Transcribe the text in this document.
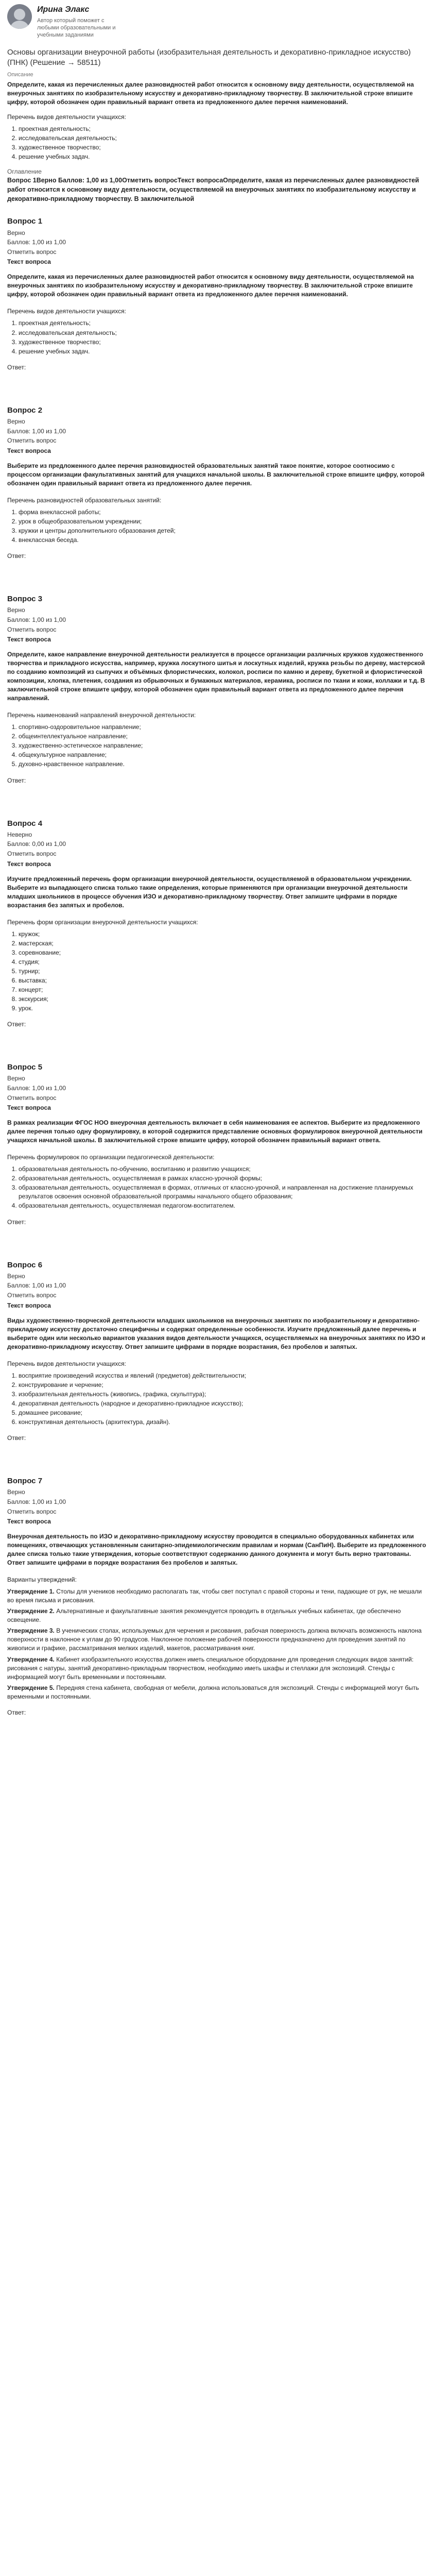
Ирина Элакс
Автор который поможет с любыми образовательными и учебными заданиями
Основы организации внеурочной работы (изобразительная деятельность и декоративно-прикладное искусство) (ПНК) (Решение → 58511)
Описание
Определите, какая из перечисленных далее разновидностей работ относится к основному виду деятельности, осуществляемой на внеурочных занятиях по изобразительному искусству и декоративно-прикладному творчеству. В заключительной строке впишите цифру, которой обозначен один правильный вариант ответа из предложенного далее перечня наименований.
Перечень видов деятельности учащихся:
1. проектная деятельность;
2. исследовательская деятельность;
3. художественное творчество;
4. решение учебных задач.
Оглавление
Вопрос 1Верно Баллов: 1,00 из 1,00Отметить вопросТекст вопросаОпределите, какая из перечисленных далее разновидностей работ относится к основному виду деятельности, осуществляемой на внеурочных занятиях по изобразительному искусству и декоративно-прикладному творчеству. В заключительной
Вопрос 1
Верно
Баллов: 1,00 из 1,00
Отметить вопрос
Текст вопроса
Определите, какая из перечисленных далее разновидностей работ относится к основному виду деятельности, осуществляемой на внеурочных занятиях по изобразительному искусству и декоративно-прикладному творчеству. В заключительной строке впишите цифру, которой обозначен один правильный вариант ответа из предложенного далее перечня наименований.
Перечень видов деятельности учащихся:
1. проектная деятельность;
2. исследовательская деятельность;
3. художественное творчество;
4. решение учебных задач.
Ответ:
Вопрос 2
Верно
Баллов: 1,00 из 1,00
Отметить вопрос
Текст вопроса
Выберите из предложенного далее перечня разновидностей образовательных занятий такое понятие, которое соотносимо с процессом организации факультативных занятий для учащихся начальной школы. В заключительной строке впишите цифру, которой обозначен один правильный вариант ответа из предложенного далее перечня.
Перечень разновидностей образовательных занятий:
1. форма внеклассной работы;
2. урок в общеобразовательном учреждении;
3. кружки и центры дополнительного образования детей;
4. внеклассная беседа.
Ответ:
Вопрос 3
Верно
Баллов: 1,00 из 1,00
Отметить вопрос
Текст вопроса
Определите, какое направление внеурочной деятельности реализуется в процессе организации различных кружков художественного творчества и прикладного искусства, например, кружка лоскутного шитья и лоскутных изделий, кружка резьбы по дереву, мастерской по созданию композиций из сыпучих и объёмных флористических, колокол, росписи по камню и дереву, букетной и флористической композиции, хлопка, плетения, создания из обрывочных и бумажных материалов, керамика, росписи по ткани и кожи, коллажи и т.д. В заключительной строке впишите цифру, которой обозначен один правильный вариант ответа из предложенного далее перечня направлений.
Перечень наименований направлений внеурочной деятельности:
1. спортивно-оздоровительное направление;
2. общеинтеллектуальное направление;
3. художественно-эстетическое направление;
4. общекультурное направление;
5. духовно-нравственное направление.
Ответ:
Вопрос 4
Неверно
Баллов: 0,00 из 1,00
Отметить вопрос
Текст вопроса
Изучите предложенный перечень форм организации внеурочной деятельности, осуществляемой в образовательном учреждении. Выберите из выпадающего списка только такие определения, которые применяются при организации внеурочной деятельности младших школьников в процессе обучения ИЗО и декоративно-прикладному творчеству. Ответ запишите цифрами в порядке возрастания без запятых и пробелов.
Перечень форм организации внеурочной деятельности учащихся:
1. кружок;
2. мастерская;
3. соревнование;
4. студия;
5. турнир;
6. выставка;
7. концерт;
8. экскурсия;
9. урок.
Ответ:
Вопрос 5
Верно
Баллов: 1,00 из 1,00
Отметить вопрос
Текст вопроса
В рамках реализации ФГОС НОО внеурочная деятельность включает в себя наименования ее аспектов. Выберите из предложенного далее перечня только одну формулировку, в которой содержится представление основных формулировок внеурочной деятельности учащихся начальной школы. В заключительной строке впишите цифру, которой обозначен правильный вариант ответа.
Перечень формулировок по организации педагогической деятельности:
1. образовательная деятельность по-обучению, воспитанию и развитию учащихся;
2. образовательная деятельность, осуществляемая в рамках классно-урочной формы;
3. образовательная деятельность, осуществляемая в формах, отличных от классно-урочной, и направленная на достижение планируемых результатов освоения основной образовательной программы начального общего образования;
4. образовательная деятельность, осуществляемая педагогом-воспитателем.
Ответ:
Вопрос 6
Верно
Баллов: 1,00 из 1,00
Отметить вопрос
Текст вопроса
Виды художественно-творческой деятельности младших школьников на внеурочных занятиях по изобразительному и декоративно-прикладному искусству достаточно специфичны и содержат определенные особенности. Изучите предложенный далее перечень и выберите один или несколько вариантов указания видов деятельности учащихся, осуществляемых на внеурочных занятиях по ИЗО и декоративно-прикладному искусству. Ответ запишите цифрами в порядке возрастания, без пробелов и запятых.
Перечень видов деятельности учащихся:
1. восприятие произведений искусства и явлений (предметов) действительности;
2. конструирование и черчение;
3. изобразительная деятельность (живопись, графика, скульптура);
4. декоративная деятельность (народное и декоративно-прикладное искусство);
5. домашнее рисование;
6. конструктивная деятельность (архитектура, дизайн).
Ответ:
Вопрос 7
Верно
Баллов: 1,00 из 1,00
Отметить вопрос
Текст вопроса
Внеурочная деятельность по ИЗО и декоративно-прикладному искусству проводится в специально оборудованных кабинетах или помещениях, отвечающих установленным санитарно-эпидемиологическим правилам и нормам (СанПиН). Выберите из предложенного далее списка только такие утверждения, которые соответствуют содержанию данного документа и могут быть верно трактованы. Ответ запишите цифрами в порядке возрастания без пробелов и запятых.
Варианты утверждений:
Утверждение 1. Столы для учеников необходимо располагать так, чтобы свет поступал с правой стороны и тени, падающие от рук, не мешали во время письма и рисования.
Утверждение 2. Альтернативные и факультативные занятия рекомендуется проводить в отдельных учебных кабинетах, где обеспечено освещение.
Утверждение 3. В ученических столах, используемых для черчения и рисования, рабочая поверхность должна включать возможность наклона поверхности в наклонное к углам до 90 градусов. Наклонное положение рабочей поверхности предназначено для проведения занятий по живописи и графике, рассматривания мелких изделий, макетов, рассматривания книг.
Утверждение 4. Кабинет изобразительного искусства должен иметь специальное оборудование для проведения следующих видов занятий: рисования с натуры, занятий декоративно-прикладным творчеством, необходимо иметь шкафы и стеллажи для экспозиций. Стенды с информацией могут быть временными и постоянными.
Утверждение 5. Передняя стена кабинета, свободная от мебели, должна использоваться для экспозиций. Стенды с информацией могут быть временными и постоянными.
Ответ:
